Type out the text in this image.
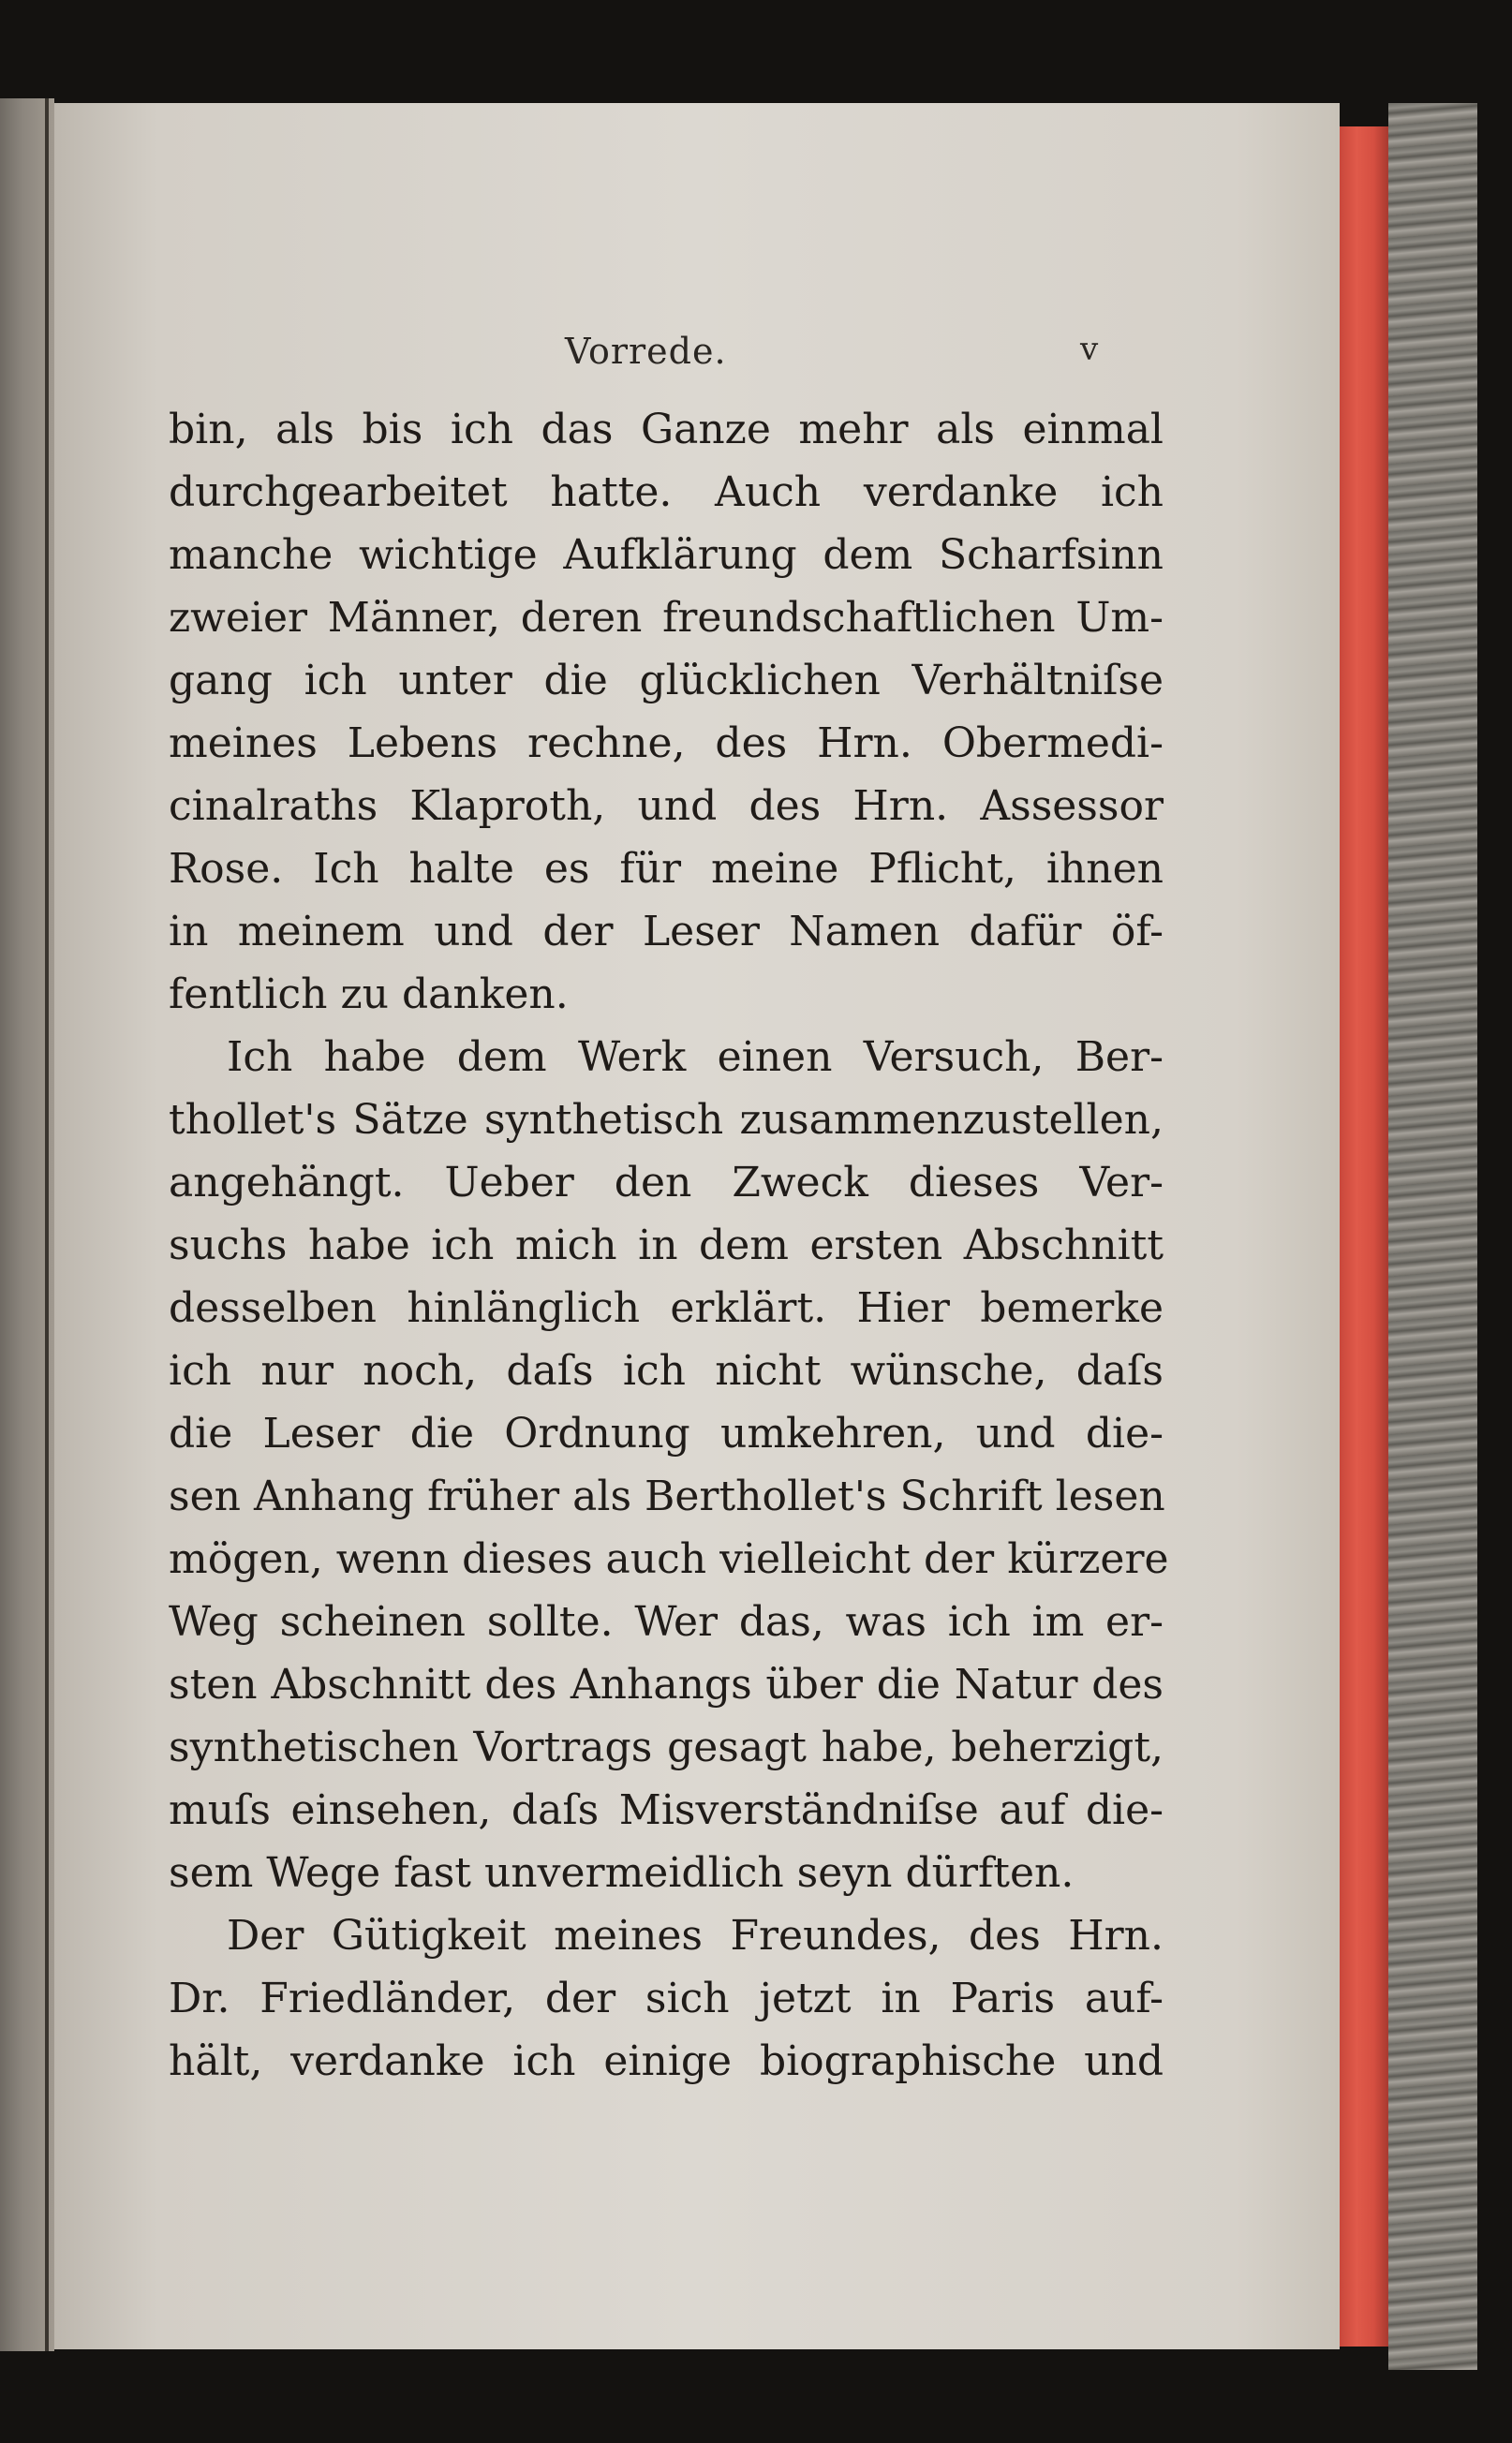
Vorrede.	v
bin, als bis ich das Ganze mehr als einmal
durchgearbeitet hatte. Auch verdanke ich
manche wichtige Aufklärung dem Scharfsinn
zweier Männer, deren freundschaftlichen Um-
gang ich unter die glücklichen Verhältniſse
meines Lebens rechne, des Hrn. Obermedi-
cinalraths Klaproth, und des Hrn. Assessor
Rose. Ich halte es für meine Pflicht, ihnen
in meinem und der Leser Namen dafür öf-
fentlich zu danken.
Ich habe dem Werk einen Versuch, Ber-
thollet's Sätze synthetisch zusammenzustellen,
angehängt. Ueber den Zweck dieses Ver-
suchs habe ich mich in dem ersten Abschnitt
desselben hinlänglich erklärt. Hier bemerke
ich nur noch, daſs ich nicht wünsche, daſs
die Leser die Ordnung umkehren, und die-
sen Anhang früher als Berthollet's Schrift lesen
mögen, wenn dieses auch vielleicht der kürzere
Weg scheinen sollte. Wer das, was ich im er-
sten Abschnitt des Anhangs über die Natur des
synthetischen Vortrags gesagt habe, beherzigt,
muſs einsehen, daſs Misverständniſse auf die-
sem Wege fast unvermeidlich seyn dürften.
Der Gütigkeit meines Freundes, des Hrn.
Dr. Friedländer, der sich jetzt in Paris auf-
hält, verdanke ich einige biographische und
